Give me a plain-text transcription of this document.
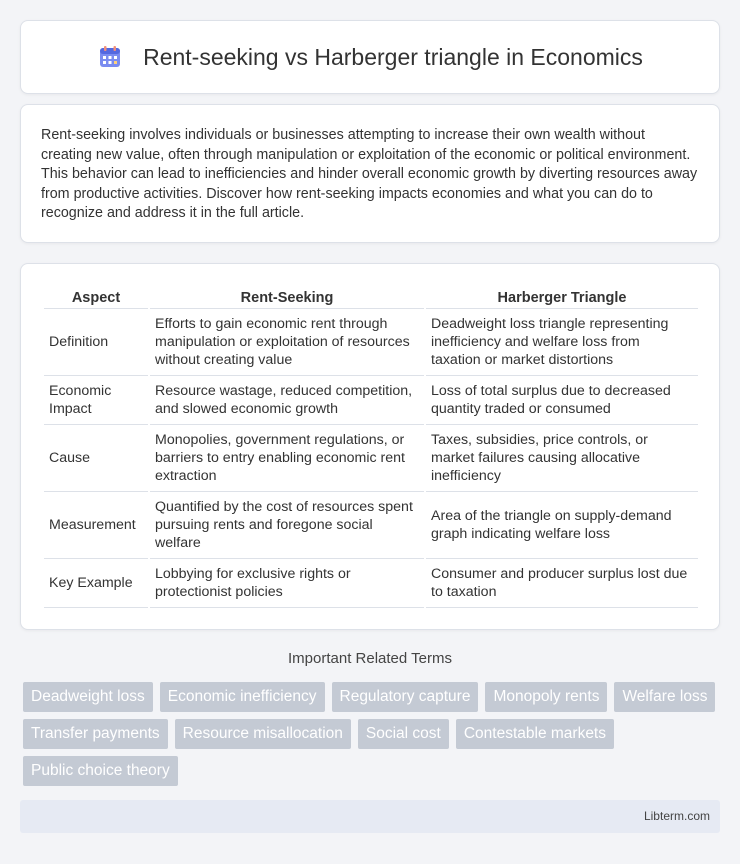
Rent-seeking vs Harberger triangle in Economics

Rent-seeking involves individuals or businesses attempting to increase their own wealth without creating new value, often through manipulation or exploitation of the economic or political environment. This behavior can lead to inefficiencies and hinder overall economic growth by diverting resources away from productive activities. Discover how rent-seeking impacts economies and what you can do to recognize and address it in the full article.

Aspect	Rent-Seeking	Harberger Triangle
Definition	Efforts to gain economic rent through manipulation or exploitation of resources without creating value	Deadweight loss triangle representing inefficiency and welfare loss from taxation or market distortions
Economic Impact	Resource wastage, reduced competition, and slowed economic growth	Loss of total surplus due to decreased quantity traded or consumed
Cause	Monopolies, government regulations, or barriers to entry enabling economic rent extraction	Taxes, subsidies, price controls, or market failures causing allocative inefficiency
Measurement	Quantified by the cost of resources spent pursuing rents and foregone social welfare	Area of the triangle on supply-demand graph indicating welfare loss
Key Example	Lobbying for exclusive rights or protectionist policies	Consumer and producer surplus lost due to taxation
Important Related Terms
Deadweight loss	Economic inefficiency	Regulatory capture	Monopoly rents	Welfare loss
Transfer payments	Resource misallocation	Social cost	Contestable markets
Public choice theory
Libterm.com
